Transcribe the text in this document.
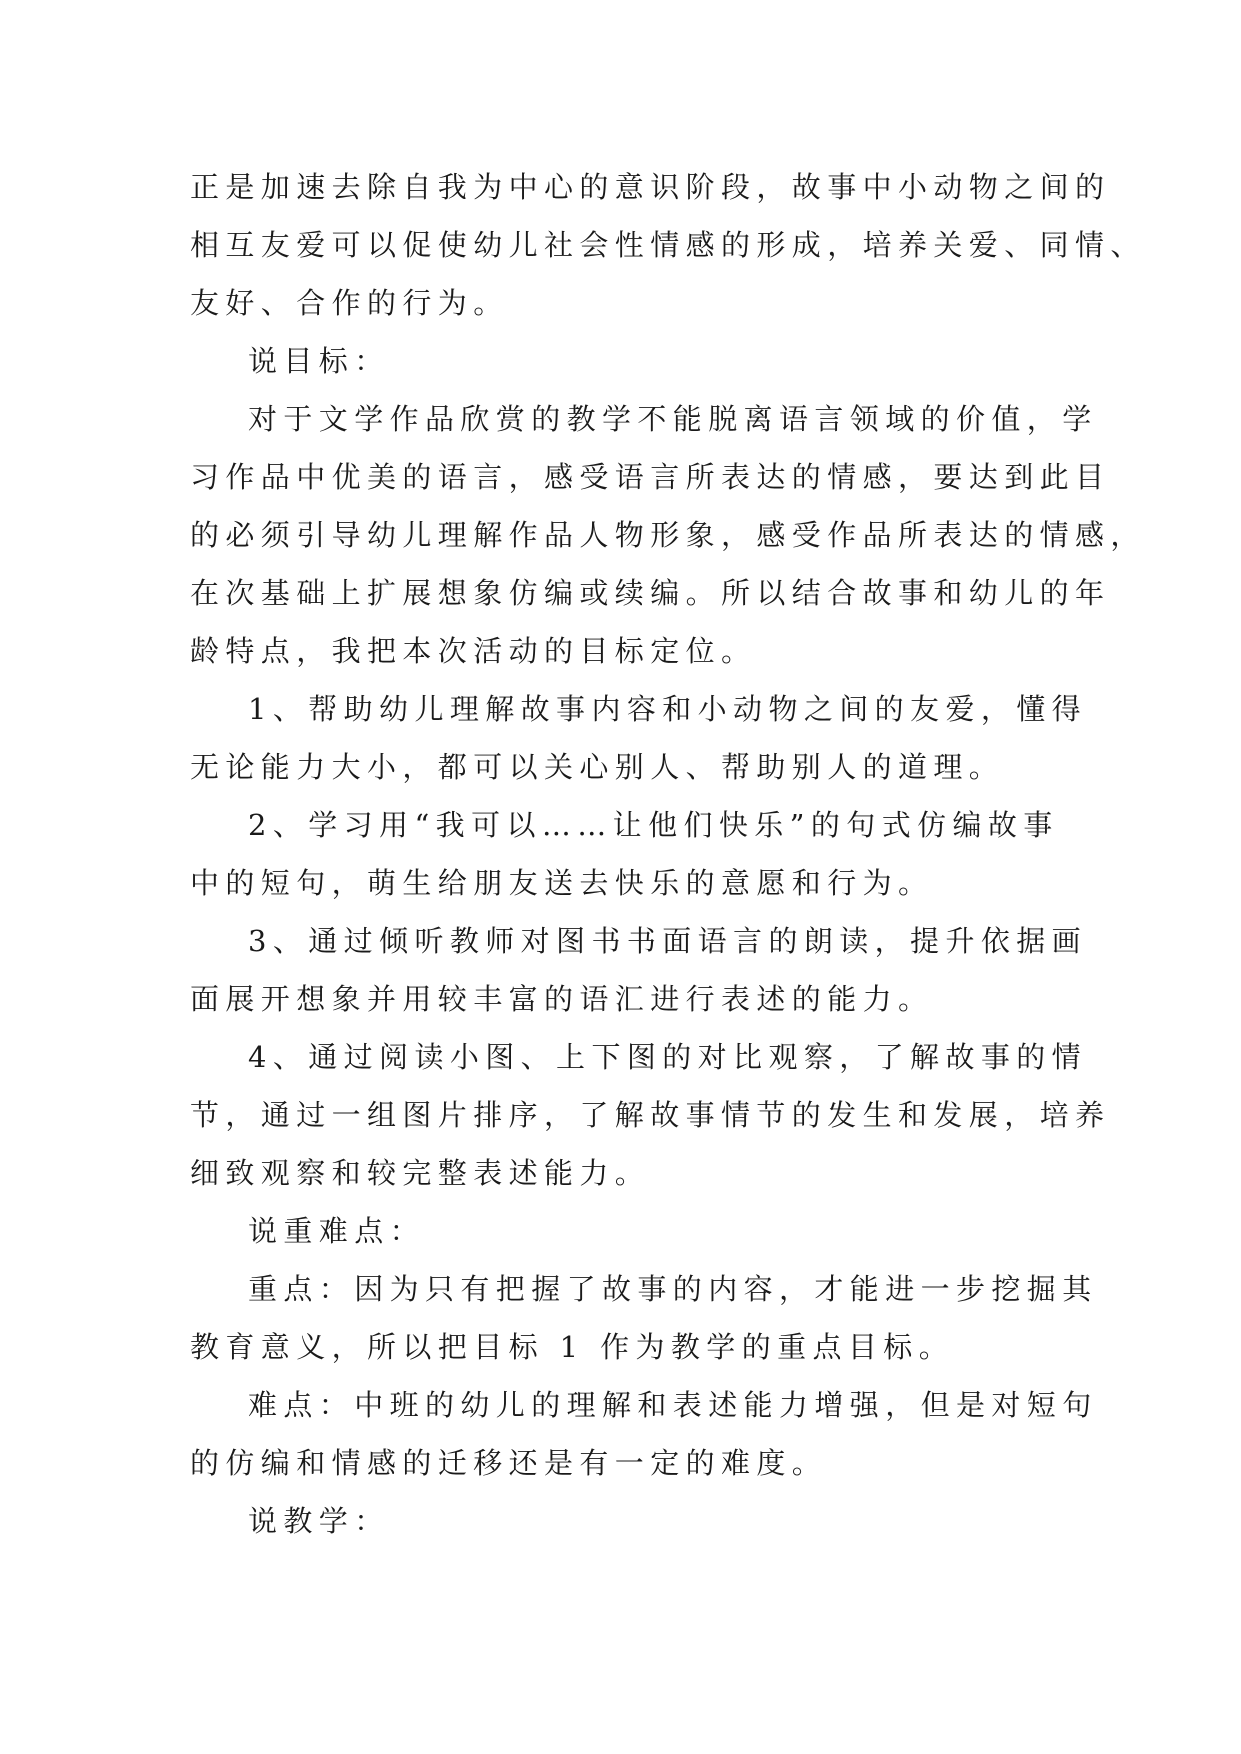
正是加速去除自我为中心的意识阶段，故事中小动物之间的
相互友爱可以促使幼儿社会性情感的形成，培养关爱、同情、
友好、合作的行为。
说目标：
对于文学作品欣赏的教学不能脱离语言领域的价值，学
习作品中优美的语言，感受语言所表达的情感，要达到此目
的必须引导幼儿理解作品人物形象，感受作品所表达的情感，
在次基础上扩展想象仿编或续编。所以结合故事和幼儿的年
龄特点，我把本次活动的目标定位。
1、帮助幼儿理解故事内容和小动物之间的友爱，懂得
无论能力大小，都可以关心别人、帮助别人的道理。
2、学习用“我可以……让他们快乐”的句式仿编故事
中的短句，萌生给朋友送去快乐的意愿和行为。
3、通过倾听教师对图书书面语言的朗读，提升依据画
面展开想象并用较丰富的语汇进行表述的能力。
4、通过阅读小图、上下图的对比观察，了解故事的情
节，通过一组图片排序，了解故事情节的发生和发展，培养
细致观察和较完整表述能力。
说重难点：
重点：因为只有把握了故事的内容，才能进一步挖掘其
教育意义，所以把目标 1 作为教学的重点目标。
难点：中班的幼儿的理解和表述能力增强，但是对短句
的仿编和情感的迁移还是有一定的难度。
说教学：
